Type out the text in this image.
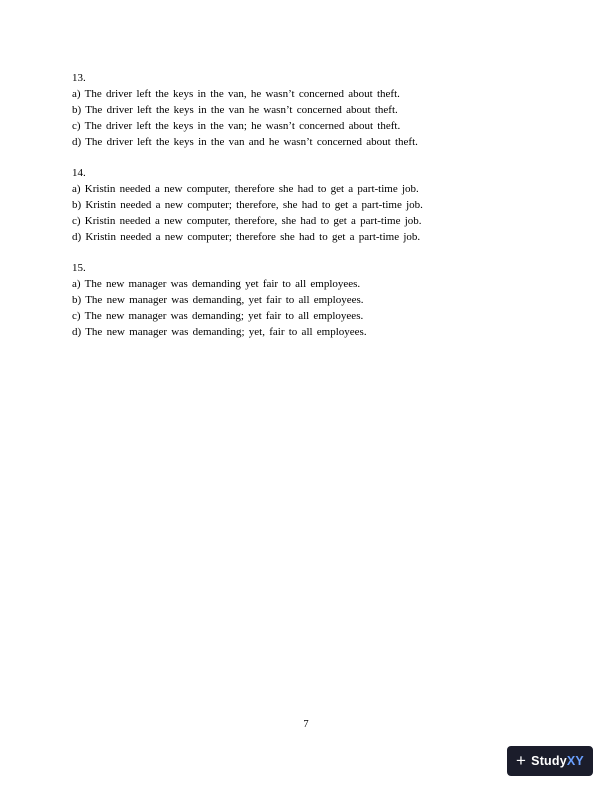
13.
a) The driver left the keys in the van, he wasn’t concerned about theft.
b) The driver left the keys in the van he wasn’t concerned about theft.
c) The driver left the keys in the van; he wasn’t concerned about theft.
d) The driver left the keys in the van and he wasn’t concerned about theft.
14.
a) Kristin needed a new computer, therefore she had to get a part-time job.
b) Kristin needed a new computer; therefore, she had to get a part-time job.
c) Kristin needed a new computer, therefore, she had to get a part-time job.
d) Kristin needed a new computer; therefore she had to get a part-time job.
15.
a) The new manager was demanding yet fair to all employees.
b) The new manager was demanding, yet fair to all employees.
c) The new manager was demanding; yet fair to all employees.
d) The new manager was demanding; yet, fair to all employees.
7
+ StudyXY
